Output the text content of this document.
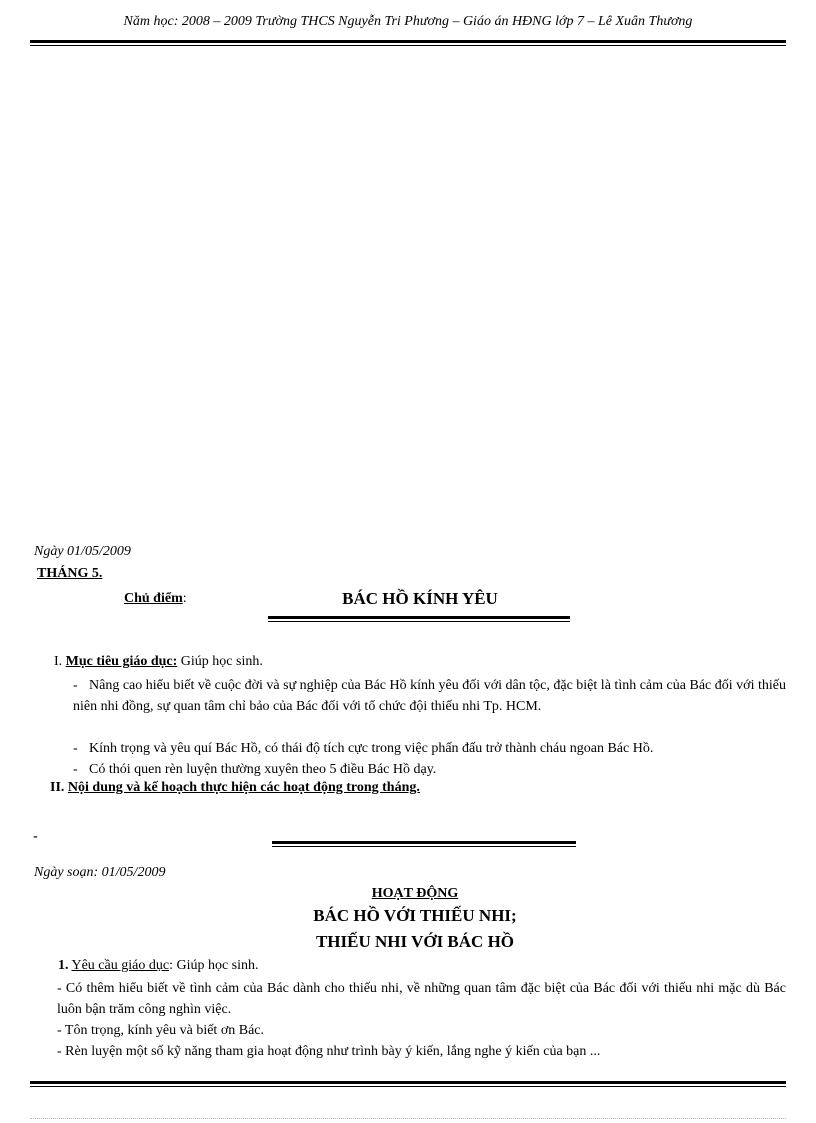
Năm học: 2008 – 2009 Trường THCS Nguyễn Tri Phương – Giáo án HĐNG lớp 7 – Lê Xuân Thương
Ngày 01/05/2009
THÁNG 5.
Chủ điểm:	BÁC HỒ KÍNH YÊU
I. Mục tiêu giáo dục: Giúp học sinh.
- Nâng cao hiểu biết về cuộc đời và sự nghiệp của Bác Hồ kính yêu đối với dân tộc, đặc biệt là tình cảm của Bác đối với thiếu niên nhi đồng, sự quan tâm chỉ bảo của Bác đối với tổ chức đội thiếu nhi Tp. HCM.
- Kính trọng và yêu quí Bác Hồ, có thái độ tích cực trong việc phấn đấu trở thành cháu ngoan Bác Hồ.
- Có thói quen rèn luyện thường xuyên theo 5 điều Bác Hồ dạy.
II. Nội dung và kế hoạch thực hiện các hoạt động trong tháng.
-
Ngày soạn: 01/05/2009
HOẠT ĐỘNG
BÁC HỒ VỚI THIẾU NHI;
THIẾU NHI VỚI BÁC HỒ
1. Yêu cầu giáo dục: Giúp học sinh.
- Có thêm hiểu biết về tình cảm của Bác dành cho thiếu nhi, về những quan tâm đặc biệt của Bác đối với thiếu nhi mặc dù Bác luôn bận trăm công nghìn việc.
- Tôn trọng, kính yêu và biết ơn Bác.
- Rèn luyện một số kỹ năng tham gia hoạt động như trình bày ý kiến, lắng nghe ý kiến của bạn ...
